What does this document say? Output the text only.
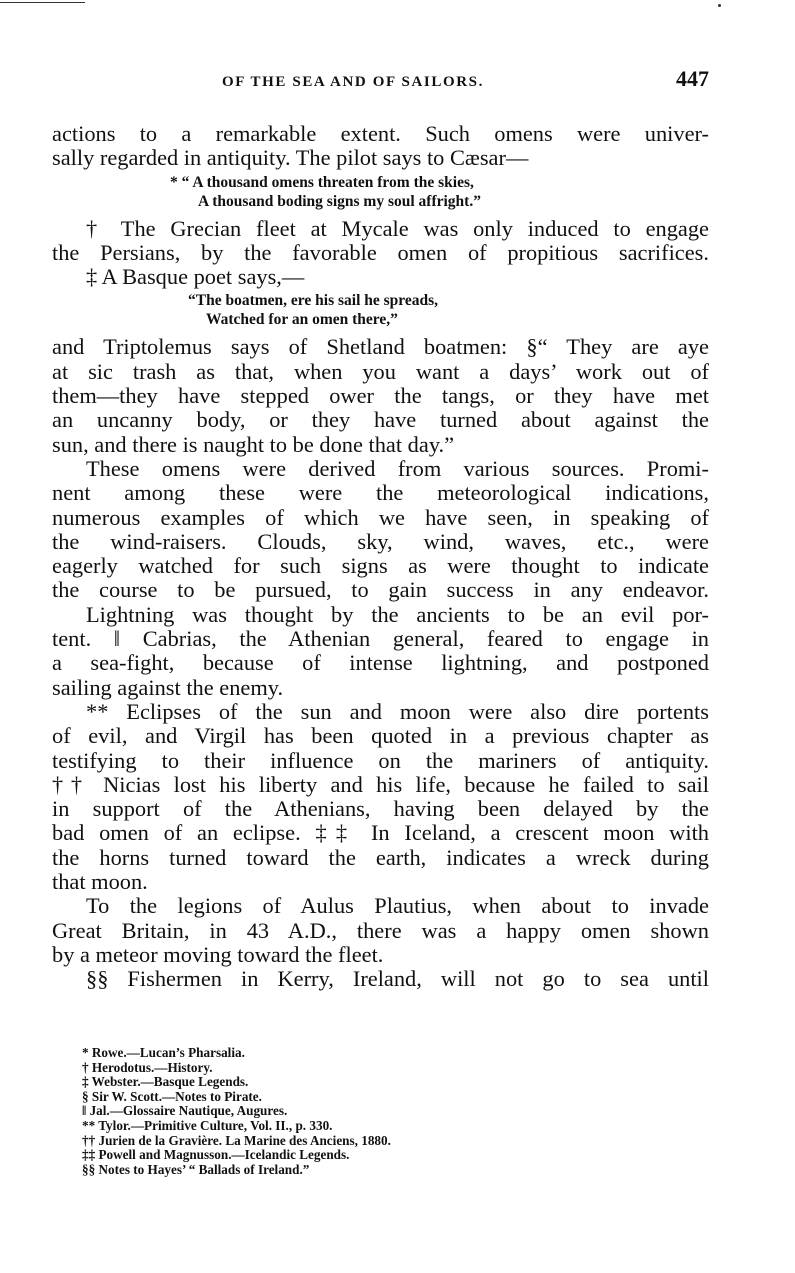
OF THE SEA AND OF SAILORS.	447
actions to a remarkable extent. Such omens were univer-
sally regarded in antiquity. The pilot says to Cæsar—
* “ A thousand omens threaten from the skies,
A thousand boding signs my soul affright.”
† The Grecian fleet at Mycale was only induced to engage
the Persians, by the favorable omen of propitious sacrifices.
‡ A Basque poet says,—
“The boatmen, ere his sail he spreads,
Watched for an omen there,”
and Triptolemus says of Shetland boatmen: §“ They are aye
at sic trash as that, when you want a days’ work out of
them—they have stepped ower the tangs, or they have met
an uncanny body, or they have turned about against the
sun, and there is naught to be done that day.”
These omens were derived from various sources. Promi-
nent among these were the meteorological indications,
numerous examples of which we have seen, in speaking of
the wind-raisers. Clouds, sky, wind, waves, etc., were
eagerly watched for such signs as were thought to indicate
the course to be pursued, to gain success in any endeavor.
Lightning was thought by the ancients to be an evil por-
tent. ‖ Cabrias, the Athenian general, feared to engage in
a sea-fight, because of intense lightning, and postponed
sailing against the enemy.
** Eclipses of the sun and moon were also dire portents
of evil, and Virgil has been quoted in a previous chapter as
testifying to their influence on the mariners of antiquity.
†† Nicias lost his liberty and his life, because he failed to sail
in support of the Athenians, having been delayed by the
bad omen of an eclipse. ‡‡ In Iceland, a crescent moon with
the horns turned toward the earth, indicates a wreck during
that moon.
To the legions of Aulus Plautius, when about to invade
Great Britain, in 43 A.D., there was a happy omen shown
by a meteor moving toward the fleet.
§§ Fishermen in Kerry, Ireland, will not go to sea until
* Rowe.—Lucan’s Pharsalia.
† Herodotus.—History.
‡ Webster.—Basque Legends.
§ Sir W. Scott.—Notes to Pirate.
‖ Jal.—Glossaire Nautique, Augures.
** Tylor.—Primitive Culture, Vol. II., p. 330.
†† Jurien de la Gravière. La Marine des Anciens, 1880.
‡‡ Powell and Magnusson.—Icelandic Legends.
§§ Notes to Hayes’ “ Ballads of Ireland.”
